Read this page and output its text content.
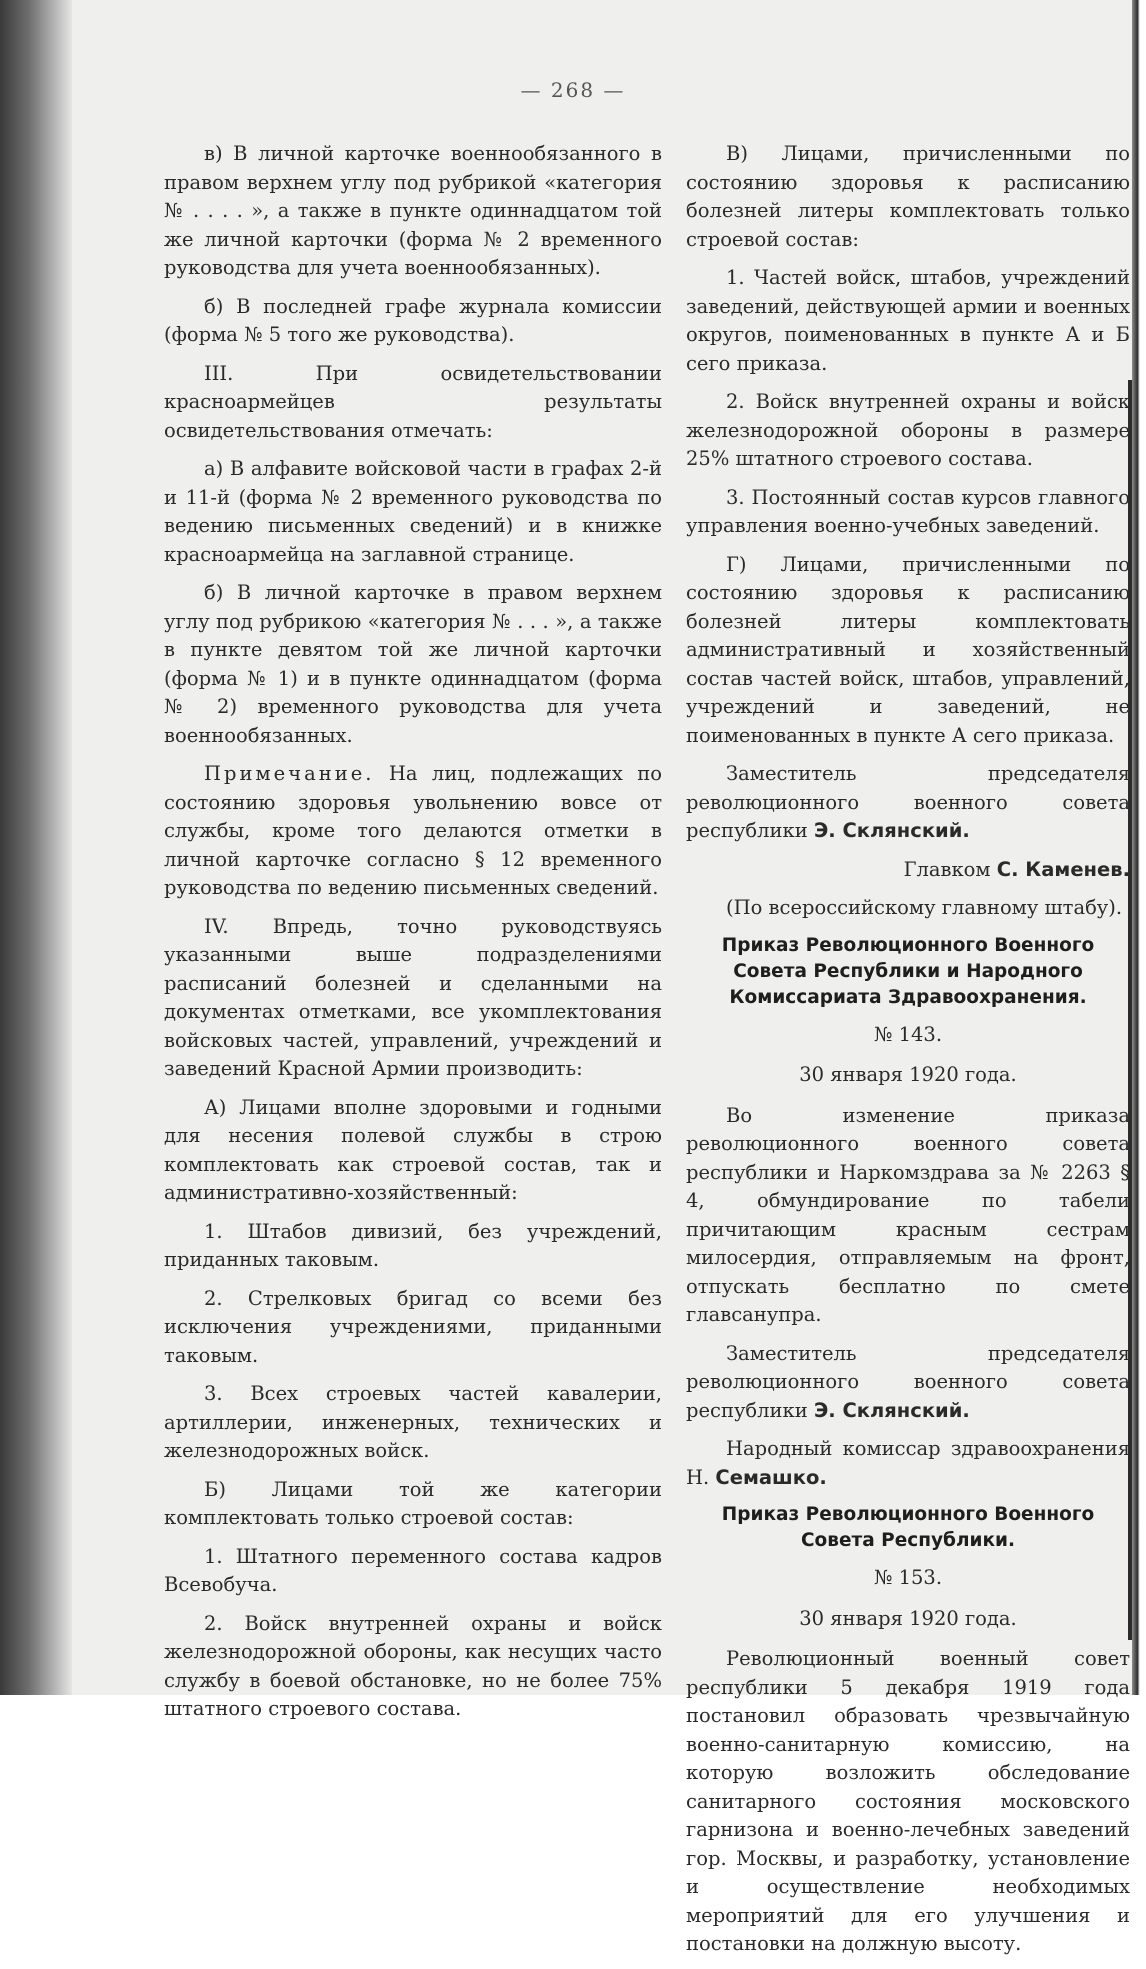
— 268 —

в) В личной карточке военнообязанного в правом верхнем углу под рубрикой «категория № . . . . », а также в пункте одиннадцатом той же личной карточки (форма № 2 временного руководства для учета военнообязанных).

б) В последней графе журнала комиссии (форма № 5 того же руководства).

III. При освидетельствовании красноармейцев результаты освидетельствования отмечать:

а) В алфавите войсковой части в графах 2-й и 11-й (форма № 2 временного руководства по ведению письменных сведений) и в книжке красноармейца на заглавной странице.

б) В личной карточке в правом верхнем углу под рубрикою «категория № . . . », а также в пункте девятом той же личной карточки (форма № 1) и в пункте одиннадцатом (форма № 2) временного руководства для учета военнообязанных.

Примечание. На лиц, подлежащих по состоянию здоровья увольнению вовсе от службы, кроме того делаются отметки в личной карточке согласно § 12 временного руководства по ведению письменных сведений.

IV. Впредь, точно руководствуясь указанными выше подразделениями расписаний болезней и сделанными на документах отметками, все укомплектования войсковых частей, управлений, учреждений и заведений Красной Армии производить:

А) Лицами вполне здоровыми и годными для несения полевой службы в строю комплектовать как строевой состав, так и административно-хозяйственный:

1. Штабов дивизий, без учреждений, приданных таковым.

2. Стрелковых бригад со всеми без исключения учреждениями, приданными таковым.

3. Всех строевых частей кавалерии, артиллерии, инженерных, технических и железнодорожных войск.

Б) Лицами той же категории комплектовать только строевой состав:

1. Штатного переменного состава кадров Всевобуча.

2. Войск внутренней охраны и войск железнодорожной обороны, как несущих часто службу в боевой обстановке, но не более 75% штатного строевого состава.

В) Лицами, причисленными по состоянию здоровья к расписанию болезней литеры комплектовать только строевой состав:

1. Частей войск, штабов, учреждений заведений, действующей армии и военных округов, поименованных в пункте А и Б сего приказа.

2. Войск внутренней охраны и войск железнодорожной обороны в размере 25% штатного строевого состава.

3. Постоянный состав курсов главного управления военно-учебных заведений.

Г) Лицами, причисленными по состоянию здоровья к расписанию болезней литеры комплектовать административный и хозяйственный состав частей войск, штабов, управлений, учреждений и заведений, не поименованных в пункте А сего приказа.

Заместитель председателя революционного военного совета республики Э. Склянский.

Главком С. Каменев.

(По всероссийскому главному штабу).

Приказ Революционного Военного Совета Республики и Народного Комиссариата Здравоохранения.

№ 143.

30 января 1920 года.

Во изменение приказа революционного военного совета республики и Наркомздрава за № 2263 § 4, обмундирование по табели причитающим красным сестрам милосердия, отправляемым на фронт, отпускать бесплатно по смете главсанупра.

Заместитель председателя революционного военного совета республики Э. Склянский.

Народный комиссар здравоохранения Н. Семашко.

Приказ Революционного Военного Совета Республики.

№ 153.

30 января 1920 года.

Революционный военный совет республики 5 декабря 1919 года постановил образовать чрезвычайную военно-санитарную комиссию, на которую возложить обследование санитарного состояния московского гарнизона и военно-лечебных заведений гор. Москвы, и разработку, установление и осуществление необходимых мероприятий для его улучшения и постановки на должную высоту.
